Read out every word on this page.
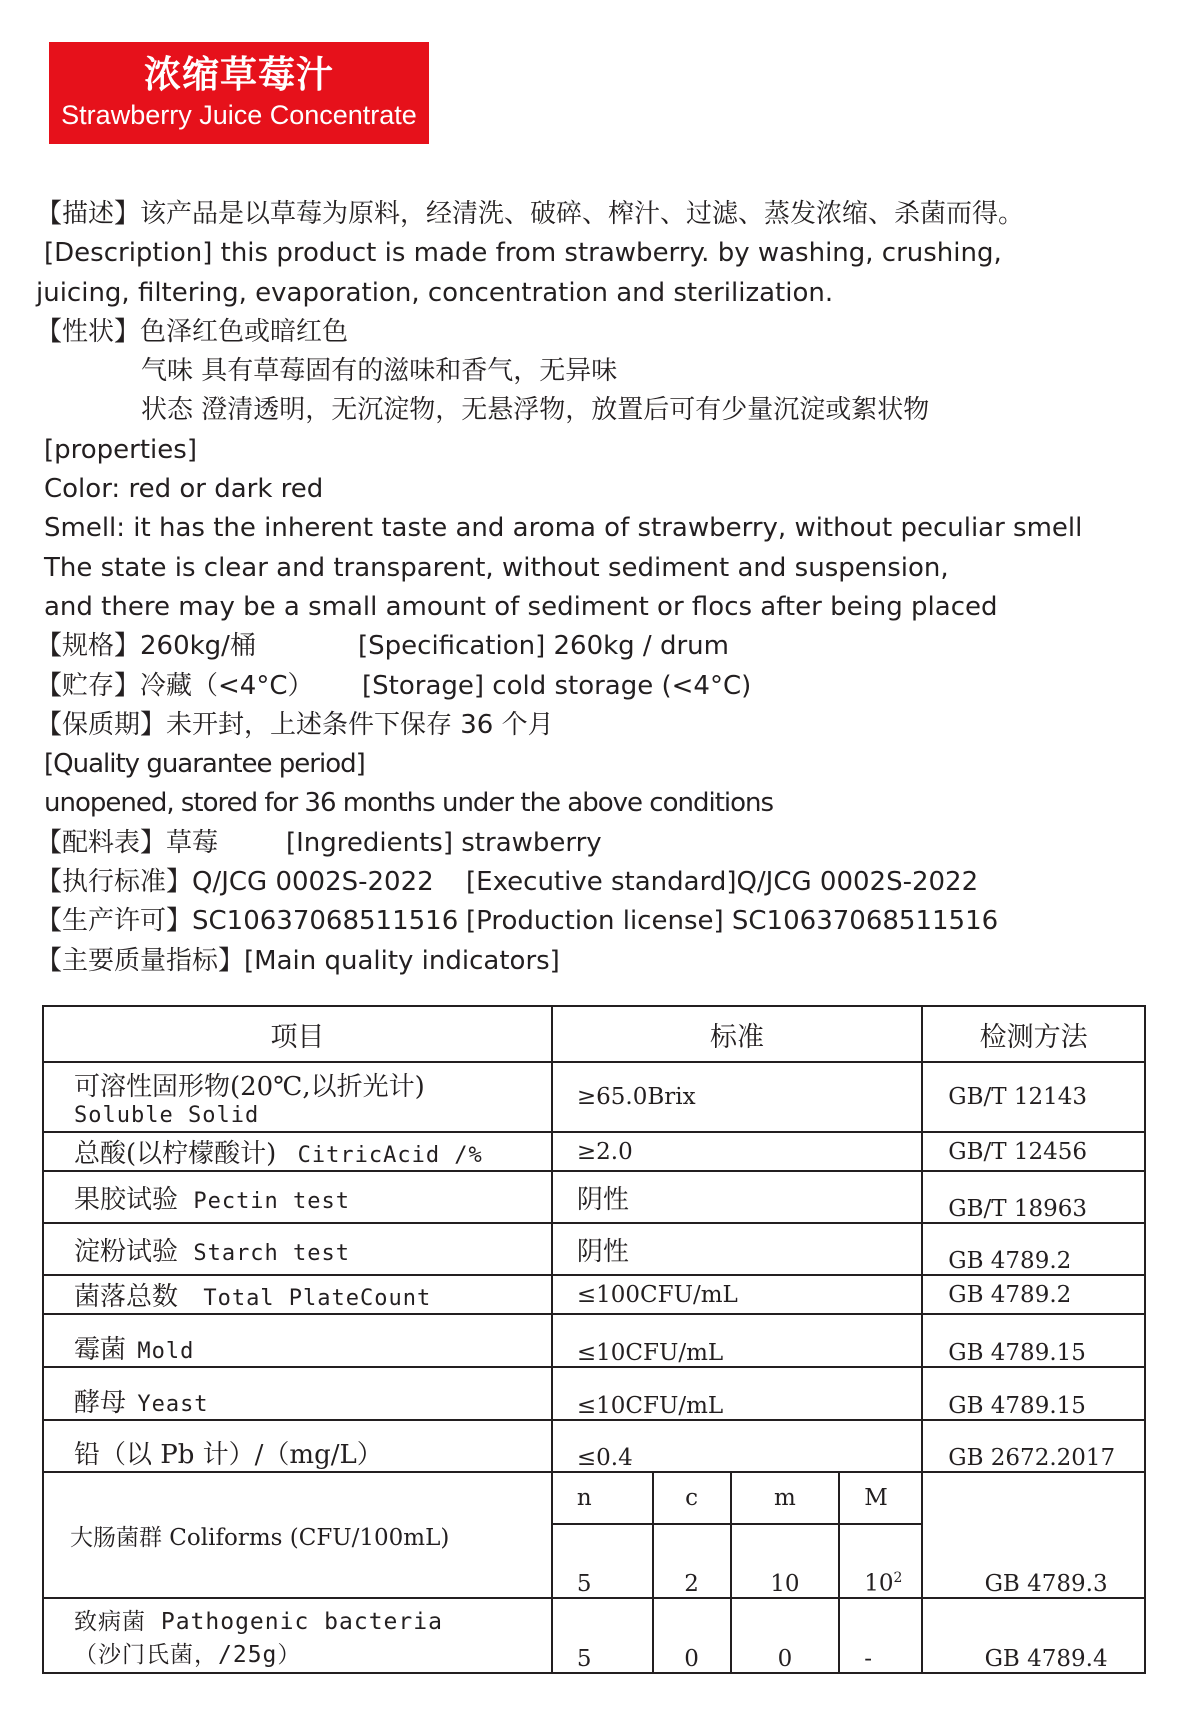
浓缩草莓汁
Strawberry Juice Concentrate
【描述】该产品是以草莓为原料，经清洗、破碎、榨汁、过滤、蒸发浓缩、杀菌而得。
[Description] this product is made from strawberry. by washing, crushing,
juicing, filtering, evaporation, concentration and sterilization.
【性状】色泽红色或暗红色
气味 具有草莓固有的滋味和香气，无异味
状态 澄清透明，无沉淀物，无悬浮物，放置后可有少量沉淀或絮状物
[properties]
Color: red or dark red
Smell: it has the inherent taste and aroma of strawberry, without peculiar smell
The state is clear and transparent, without sediment and suspension,
and there may be a small amount of sediment or flocs after being placed
【规格】260kg/桶	[Specification] 260kg / drum
【贮存】冷藏（<4°C） [Storage] cold storage (<4°C)
【保质期】未开封，上述条件下保存 36 个月
[Quality guarantee period]
unopened, stored for 36 months under the above conditions
【配料表】草莓	[Ingredients] strawberry
【执行标准】Q/JCG 0002S-2022 [Executive standard]Q/JCG 0002S-2022
【生产许可】SC10637068511516 [Production license] SC10637068511516
【主要质量指标】[Main quality indicators]
项目	标准				检测方法

可溶性固形物(20℃,以折光计)
Soluble Solid	≥65.0Brix				GB/T 12143
总酸(以柠檬酸计) CitricAcid /%	≥2.0				GB/T 12456
果胶试验 Pectin test	阴性				GB/T 18963
淀粉试验 Starch test	阴性				GB 4789.2
菌落总数 Total PlateCount	≤100CFU/mL				GB 4789.2
霉菌 Mold	≤10CFU/mL				GB 4789.15
酵母 Yeast	≤10CFU/mL				GB 4789.15
铅（以 Pb 计）/（mg/L）	≤0.4				GB 2672.2017
大肠菌群 Coliforms (CFU/100mL)	n	c	m	M	GB 4789.3
	5	2	10	$10^2$

致病菌 Pathogenic bacteria
（沙门氏菌，/25g）	5	0	0	-	GB 4789.4
